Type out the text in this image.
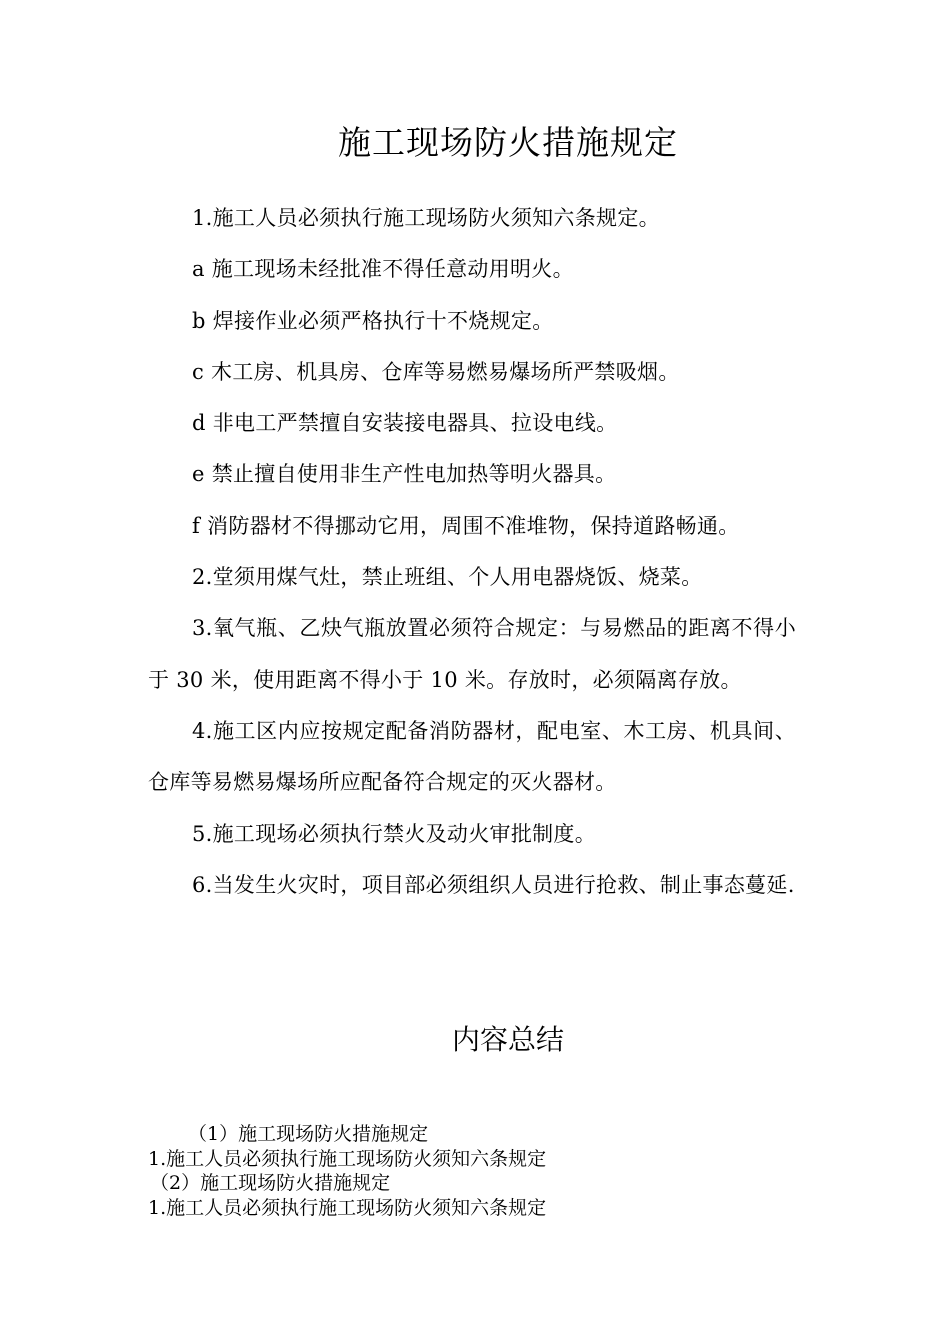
施工现场防火措施规定

1.施工人员必须执行施工现场防火须知六条规定。

a 施工现场未经批准不得任意动用明火。

b 焊接作业必须严格执行十不烧规定。

c 木工房、机具房、仓库等易燃易爆场所严禁吸烟。

d 非电工严禁擅自安装接电器具、拉设电线。

e 禁止擅自使用非生产性电加热等明火器具。

f 消防器材不得挪动它用，周围不准堆物，保持道路畅通。

2.堂须用煤气灶，禁止班组、个人用电器烧饭、烧菜。

3.氧气瓶、乙炔气瓶放置必须符合规定：与易燃品的距离不得小于 30 米，使用距离不得小于 10 米。存放时，必须隔离存放。

4.施工区内应按规定配备消防器材，配电室、木工房、机具间、仓库等易燃易爆场所应配备符合规定的灭火器材。

5.施工现场必须执行禁火及动火审批制度。

6.当发生火灾时，项目部必须组织人员进行抢救、制止事态蔓延.

内容总结
（1）施工现场防火措施规定
1.施工人员必须执行施工现场防火须知六条规定
（2）施工现场防火措施规定
1.施工人员必须执行施工现场防火须知六条规定
